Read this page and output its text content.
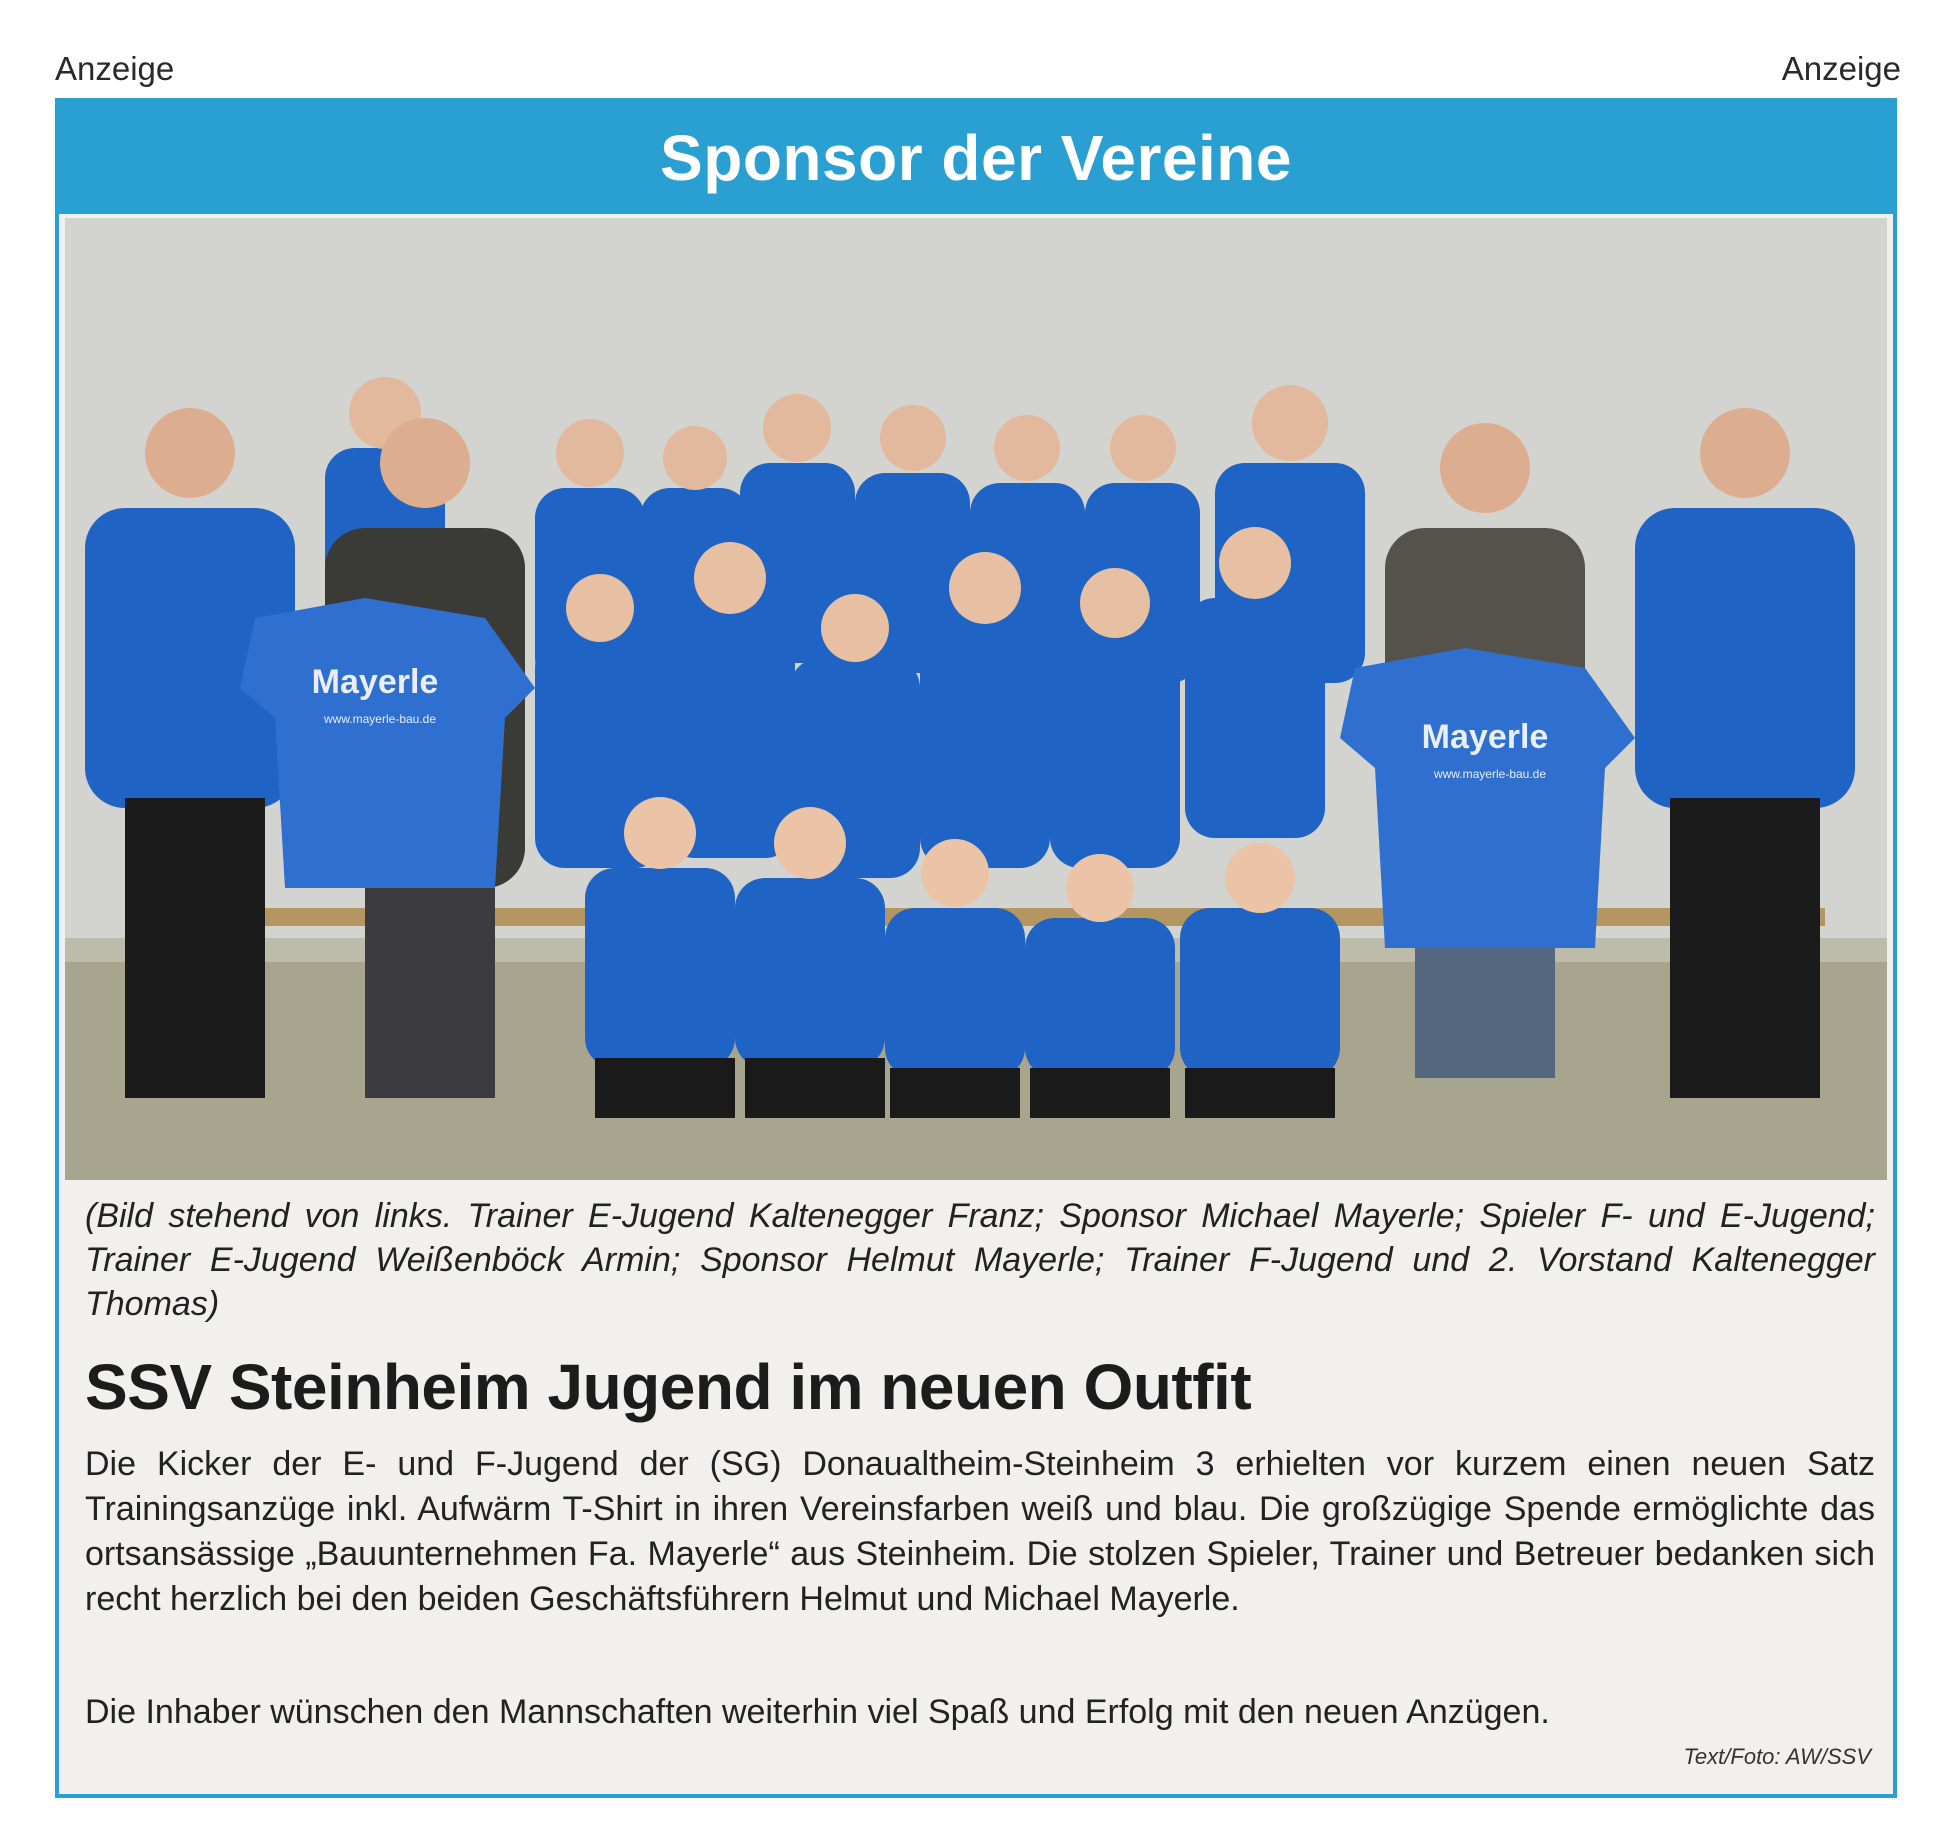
Anzeige	Anzeige
Sponsor der Vereine
Mayerle
www.mayerle-bau.de	Mayerle
www.mayerle-bau.de

(Bild stehend von links. Trainer E-Jugend Kaltenegger Franz; Sponsor Michael Mayerle; Spieler F- und E-Jugend; Trainer E-Jugend Weißenböck Armin; Sponsor Helmut Mayerle; Trainer F-Jugend und 2. Vorstand Kaltenegger Thomas)

SSV Steinheim Jugend im neuen Outfit

Die Kicker der E- und F-Jugend der (SG) Donaualtheim-Steinheim 3 erhielten vor kurzem einen neuen Satz Trainingsanzüge inkl. Aufwärm T-Shirt in ihren Vereinsfarben weiß und blau. Die großzügige Spende ermöglichte das ortsansässige „Bauunternehmen Fa. Mayerle“ aus Steinheim. Die stolzen Spieler, Trainer und Betreuer bedanken sich recht herzlich bei den beiden Geschäftsführern Helmut und Michael Mayerle.

Die Inhaber wünschen den Mannschaften weiterhin viel Spaß und Erfolg mit den neuen Anzügen.

Text/Foto: AW/SSV
